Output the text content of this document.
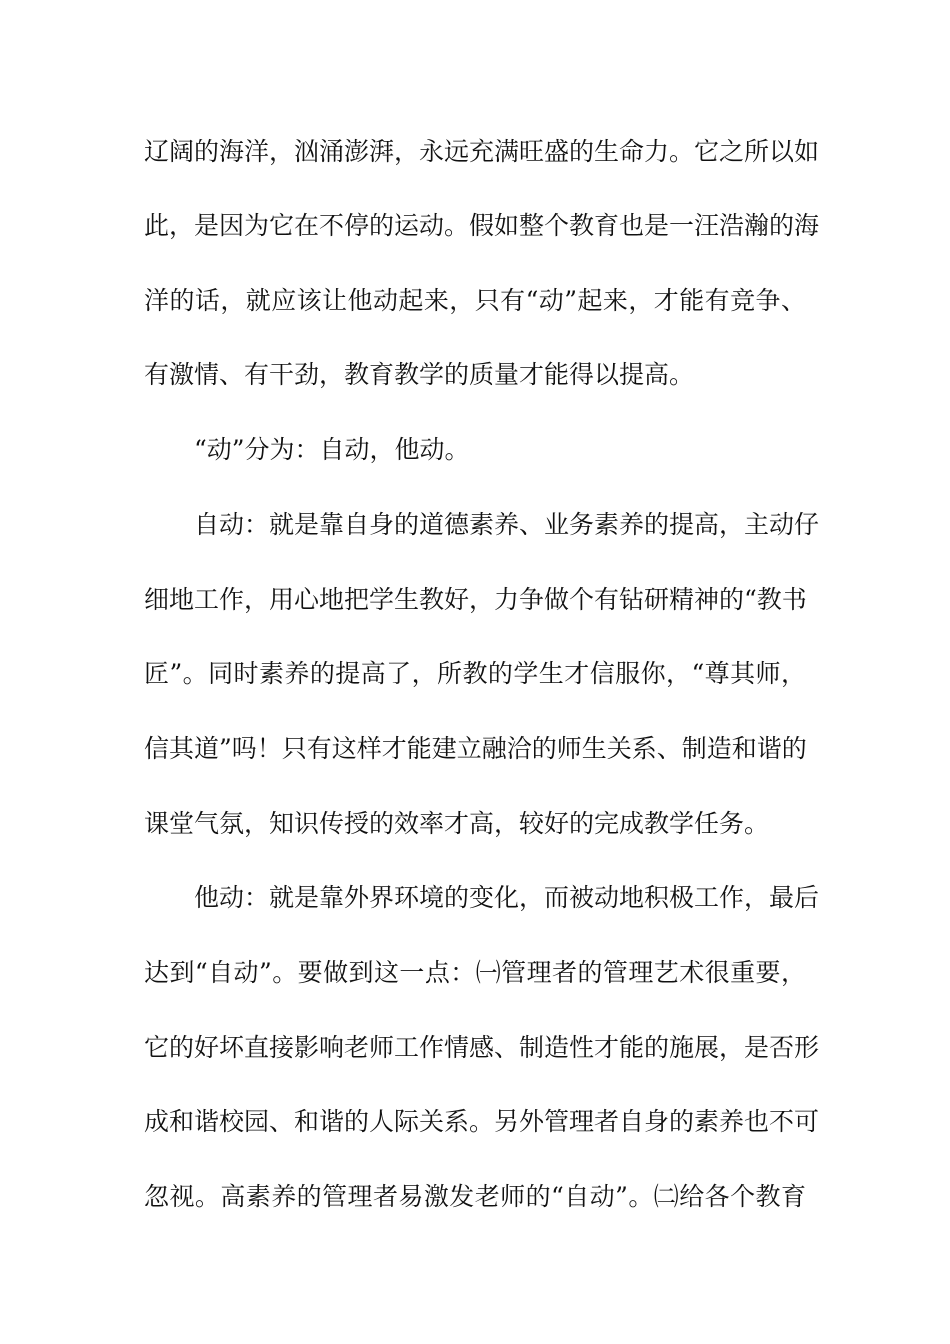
辽阔的海洋，汹涌澎湃，永远充满旺盛的生命力。它之所以如
此，是因为它在不停的运动。假如整个教育也是一汪浩瀚的海
洋的话，就应该让他动起来，只有“动”起来，才能有竞争、
有激情、有干劲，教育教学的质量才能得以提高。
“动”分为：自动，他动。
自动：就是靠自身的道德素养、业务素养的提高，主动仔
细地工作，用心地把学生教好，力争做个有钻研精神的“教书
匠”。同时素养的提高了，所教的学生才信服你，“尊其师，
信其道”吗！只有这样才能建立融洽的师生关系、制造和谐的
课堂气氛，知识传授的效率才高，较好的完成教学任务。
他动：就是靠外界环境的变化，而被动地积极工作，最后
达到“自动”。要做到这一点：㈠管理者的管理艺术很重要，
它的好坏直接影响老师工作情感、制造性才能的施展，是否形
成和谐校园、和谐的人际关系。另外管理者自身的素养也不可
忽视。高素养的管理者易激发老师的“自动”。㈡给各个教育
